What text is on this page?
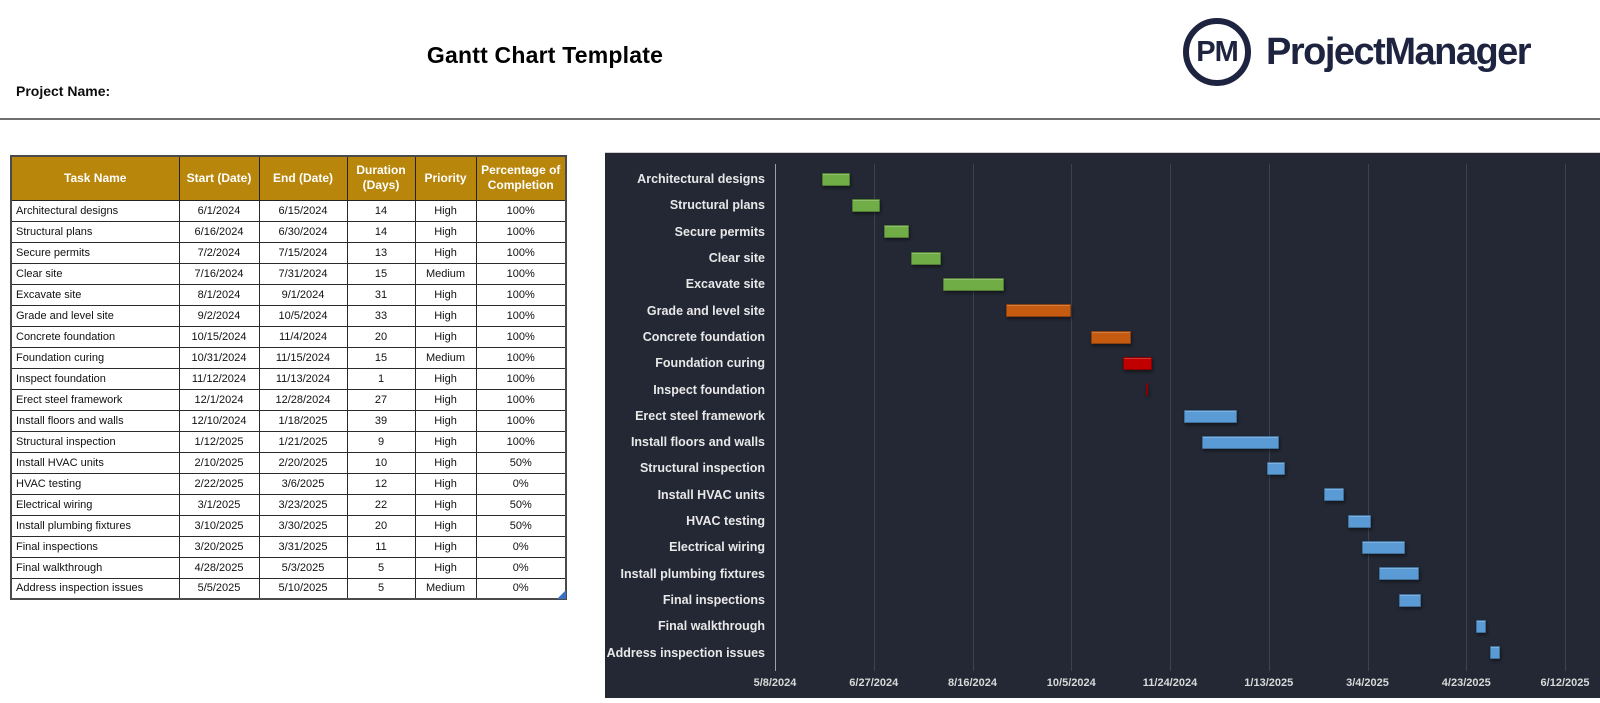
Gantt Chart Template	PM ProjectManager
Project Name:
Task Name	Start (Date)	End (Date)	Duration (Days)	Priority	Percentage of Completion
Architectural designs	6/1/2024	6/15/2024	14	High	100%
Structural plans	6/16/2024	6/30/2024	14	High	100%
Secure permits	7/2/2024	7/15/2024	13	High	100%
Clear site	7/16/2024	7/31/2024	15	Medium	100%
Excavate site	8/1/2024	9/1/2024	31	High	100%
Grade and level site	9/2/2024	10/5/2024	33	High	100%
Concrete foundation	10/15/2024	11/4/2024	20	High	100%
Foundation curing	10/31/2024	11/15/2024	15	Medium	100%
Inspect foundation	11/12/2024	11/13/2024	1	High	100%
Erect steel framework	12/1/2024	12/28/2024	27	High	100%
Install floors and walls	12/10/2024	1/18/2025	39	High	100%
Structural inspection	1/12/2025	1/21/2025	9	High	100%
Install HVAC units	2/10/2025	2/20/2025	10	High	50%
HVAC testing	2/22/2025	3/6/2025	12	High	0%
Electrical wiring	3/1/2025	3/23/2025	22	High	50%
Install plumbing fixtures	3/10/2025	3/30/2025	20	High	50%
Final inspections	3/20/2025	3/31/2025	11	High	0%
Final walkthrough	4/28/2025	5/3/2025	5	High	0%
Address inspection issues	5/5/2025	5/10/2025	5	Medium	0%
5/8/2024	6/27/2024	8/16/2024	10/5/2024	11/24/2024	1/13/2025	3/4/2025	4/23/2025	6/12/2025
Architectural designs
Structural plans
Secure permits
Clear site
Excavate site
Grade and level site
Concrete foundation
Foundation curing
Inspect foundation
Erect steel framework
Install floors and walls
Structural inspection
Install HVAC units
HVAC testing
Electrical wiring
Install plumbing fixtures
Final inspections
Final walkthrough
Address inspection issues
